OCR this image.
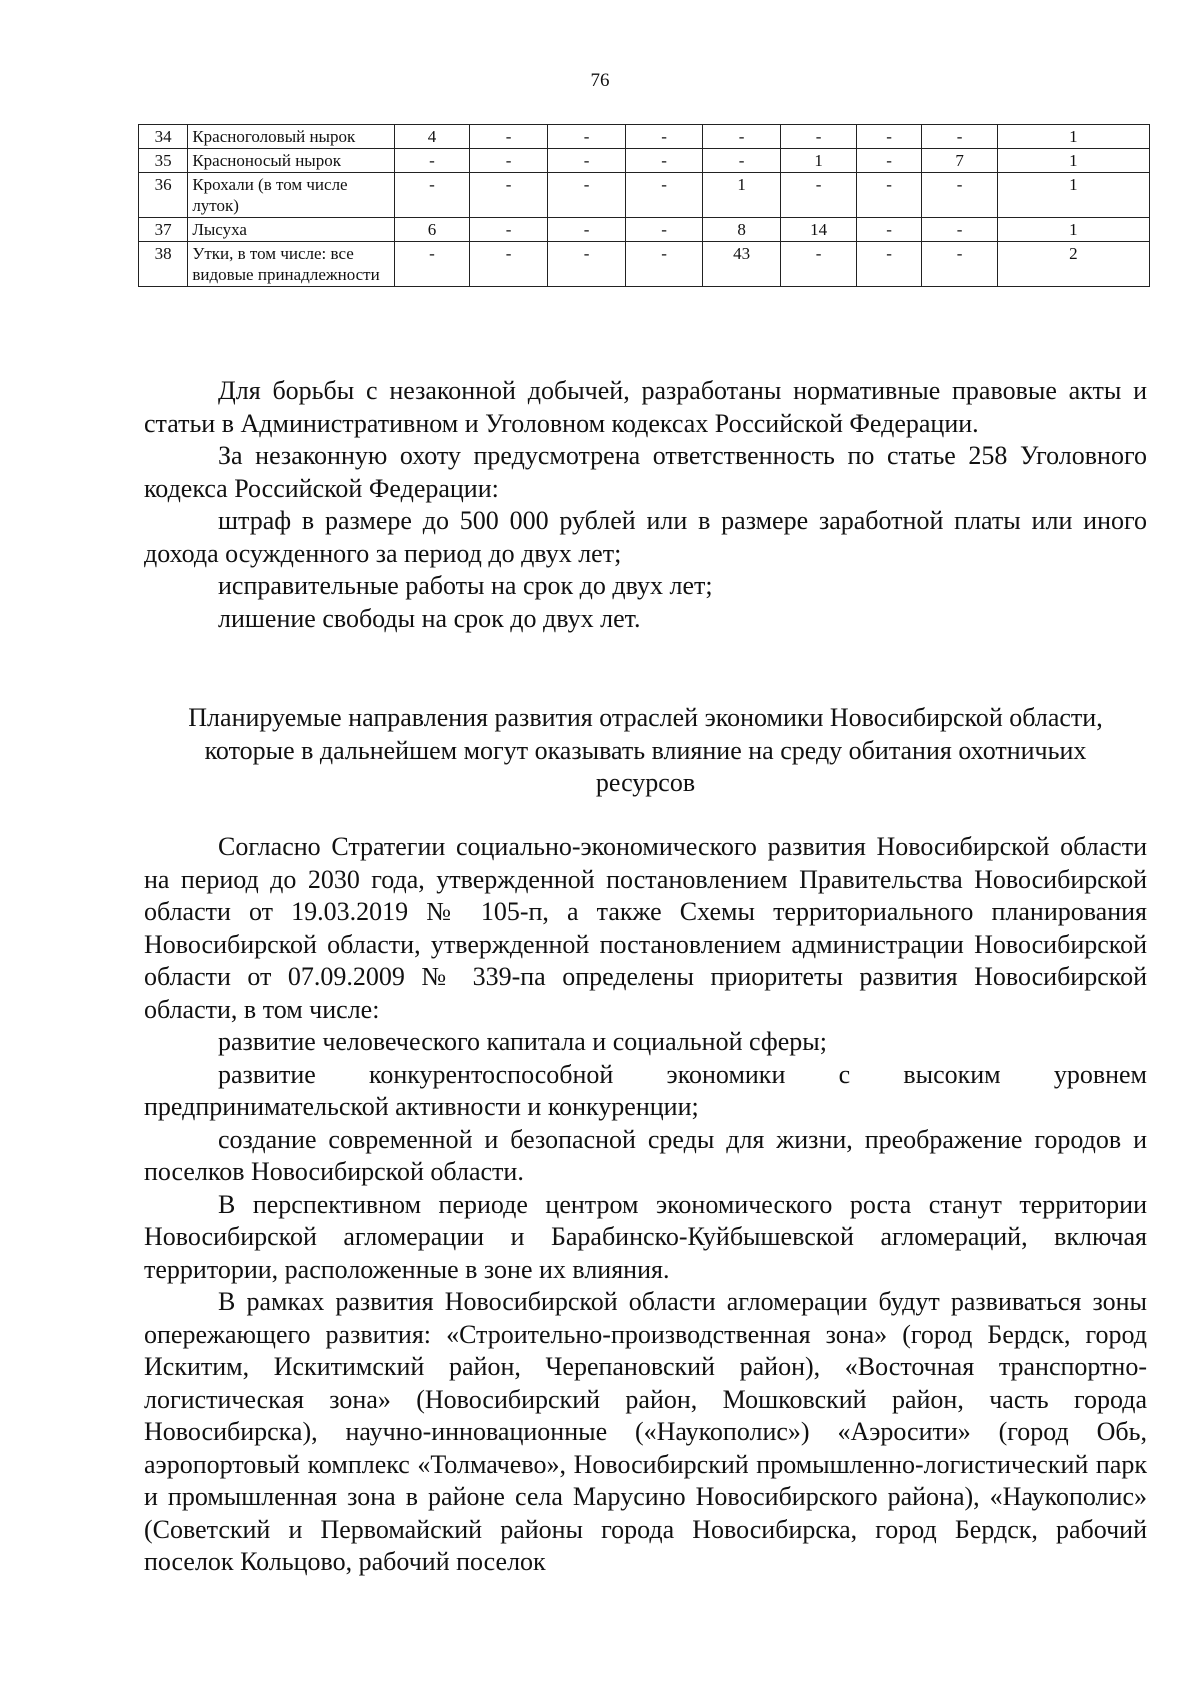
76
34	Красноголовый нырок	4	-	-	-	-	-	-	-	1
35	Красноносый нырок	-	-	-	-	-	1	-	7	1
36	Крохали (в том числе луток)	-	-	-	-	1	-	-	-	1
37	Лысуха	6	-	-	-	8	14	-	-	1
38	Утки, в том числе: все видовые принадлежности	-	-	-	-	43	-	-	-	2

Для борьбы с незаконной добычей, разработаны нормативные правовые акты и статьи в Административном и Уголовном кодексах Российской Федерации.

За незаконную охоту предусмотрена ответственность по статье 258 Уголовного кодекса Российской Федерации:

штраф в размере до 500 000 рублей или в размере заработной платы или иного дохода осужденного за период до двух лет;

исправительные работы на срок до двух лет;

лишение свободы на срок до двух лет.

Планируемые направления развития отраслей экономики Новосибирской области,

которые в дальнейшем могут оказывать влияние на среду обитания охотничьих

ресурсов

Согласно Стратегии социально-экономического развития Новосибирской области на период до 2030 года, утвержденной постановлением Правительства Новосибирской области от 19.03.2019 № 105-п, а также Схемы территориального планирования Новосибирской области, утвержденной постановлением администрации Новосибирской области от 07.09.2009 № 339-па определены приоритеты развития Новосибирской области, в том числе:

развитие человеческого капитала и социальной сферы;

развитие конкурентоспособной экономики с высоким уровнем предпринимательской активности и конкуренции;

создание современной и безопасной среды для жизни, преображение городов и поселков Новосибирской области.

В перспективном периоде центром экономического роста станут территории Новосибирской агломерации и Барабинско-Куйбышевской агломераций, включая территории, расположенные в зоне их влияния.

В рамках развития Новосибирской области агломерации будут развиваться зоны опережающего развития: «Строительно-производственная зона» (город Бердск, город Искитим, Искитимский район, Черепановский район), «Восточная транспортно-логистическая зона» (Новосибирский район, Мошковский район, часть города Новосибирска), научно-инновационные («Наукополис») «Аэросити» (город Обь, аэропортовый комплекс «Толмачево», Новосибирский промышленно-логистический парк и промышленная зона в районе села Марусино Новосибирского района), «Наукополис» (Советский и Первомайский районы города Новосибирска, город Бердск, рабочий поселок Кольцово, рабочий поселок
